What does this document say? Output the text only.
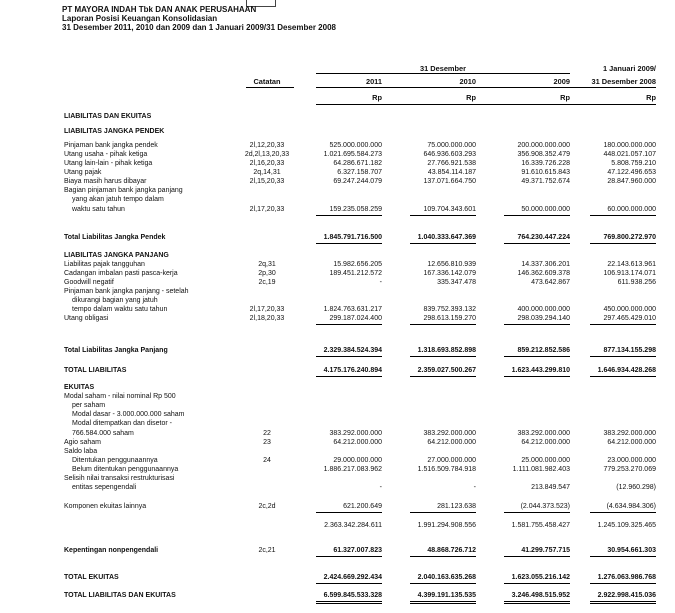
PT MAYORA INDAH Tbk DAN ANAK PERUSAHAAN
Laporan Posisi Keuangan Konsolidasian
31 Desember 2011, 2010 dan 2009 dan 1 Januari 2009/31 Desember 2008
Catatan
31 Desember
2011	2010	2009
1 Januari 2009/
31 Desember 2008
Rp	Rp	Rp	Rp
LIABILITAS DAN EKUITAS
LIABILITAS JANGKA PENDEK
Pinjaman bank jangka pendek	2l,12,20,33	525.000.000.000	75.000.000.000	200.000.000.000	180.000.000.000
Utang usaha - pihak ketiga	2d,2l,13,20,33	1.021.695.584.273	646.936.603.293	356.908.352.479	448.021.057.107
Utang lain-lain - pihak ketiga	2l,16,20,33	64.286.671.182	27.766.921.538	16.339.726.228	5.808.759.210
Utang pajak	2q,14,31	6.327.158.707	43.854.114.187	91.610.615.843	47.122.496.653
Biaya masih harus dibayar	2l,15,20,33	69.247.244.079	137.071.664.750	49.371.752.674	28.847.960.000
Bagian pinjaman bank jangka panjang
yang akan jatuh tempo dalam
waktu satu tahun	2l,17,20,33	159.235.058.259	109.704.343.601	50.000.000.000	60.000.000.000
Total Liabilitas Jangka Pendek	1.845.791.716.500	1.040.333.647.369	764.230.447.224	769.800.272.970
LIABILITAS JANGKA PANJANG
Liabilitas pajak tangguhan	2q,31	15.982.656.205	12.656.810.939	14.337.306.201	22.143.613.961
Cadangan imbalan pasti pasca-kerja	2p,30	189.451.212.572	167.336.142.079	146.362.609.378	106.913.174.071
Goodwill negatif	2c,19	-	335.347.478	473.642.867	611.938.256
Pinjaman bank jangka panjang - setelah
dikurangi bagian yang jatuh
tempo dalam waktu satu tahun	2l,17,20,33	1.824.763.631.217	839.752.393.132	400.000.000.000	450.000.000.000
Utang obligasi	2l,18,20,33	299.187.024.400	298.613.159.270	298.039.294.140	297.465.429.010
Total Liabilitas Jangka Panjang	2.329.384.524.394	1.318.693.852.898	859.212.852.586	877.134.155.298
TOTAL LIABILITAS	4.175.176.240.894	2.359.027.500.267	1.623.443.299.810	1.646.934.428.268
EKUITAS
Modal saham - nilai nominal Rp 500
per saham
Modal dasar - 3.000.000.000 saham
Modal ditempatkan dan disetor -
766.584.000 saham	22	383.292.000.000	383.292.000.000	383.292.000.000	383.292.000.000
Agio saham	23	64.212.000.000	64.212.000.000	64.212.000.000	64.212.000.000
Saldo laba
Ditentukan penggunaannya	24	29.000.000.000	27.000.000.000	25.000.000.000	23.000.000.000
Belum ditentukan penggunaannya	1.886.217.083.962	1.516.509.784.918	1.111.081.982.403	779.253.270.069
Selisih nilai transaksi restrukturisasi
entitas sepengendali	-	-	213.849.547	(12.960.298)
Komponen ekuitas lainnya	2c,2d	621.200.649	281.123.638	(2.044.373.523)	(4.634.984.306)
2.363.342.284.611	1.991.294.908.556	1.581.755.458.427	1.245.109.325.465
Kepentingan nonpengendali	2c,21	61.327.007.823	48.868.726.712	41.299.757.715	30.954.661.303
TOTAL EKUITAS	2.424.669.292.434	2.040.163.635.268	1.623.055.216.142	1.276.063.986.768
TOTAL LIABILITAS DAN EKUITAS	6.599.845.533.328	4.399.191.135.535	3.246.498.515.952	2.922.998.415.036
